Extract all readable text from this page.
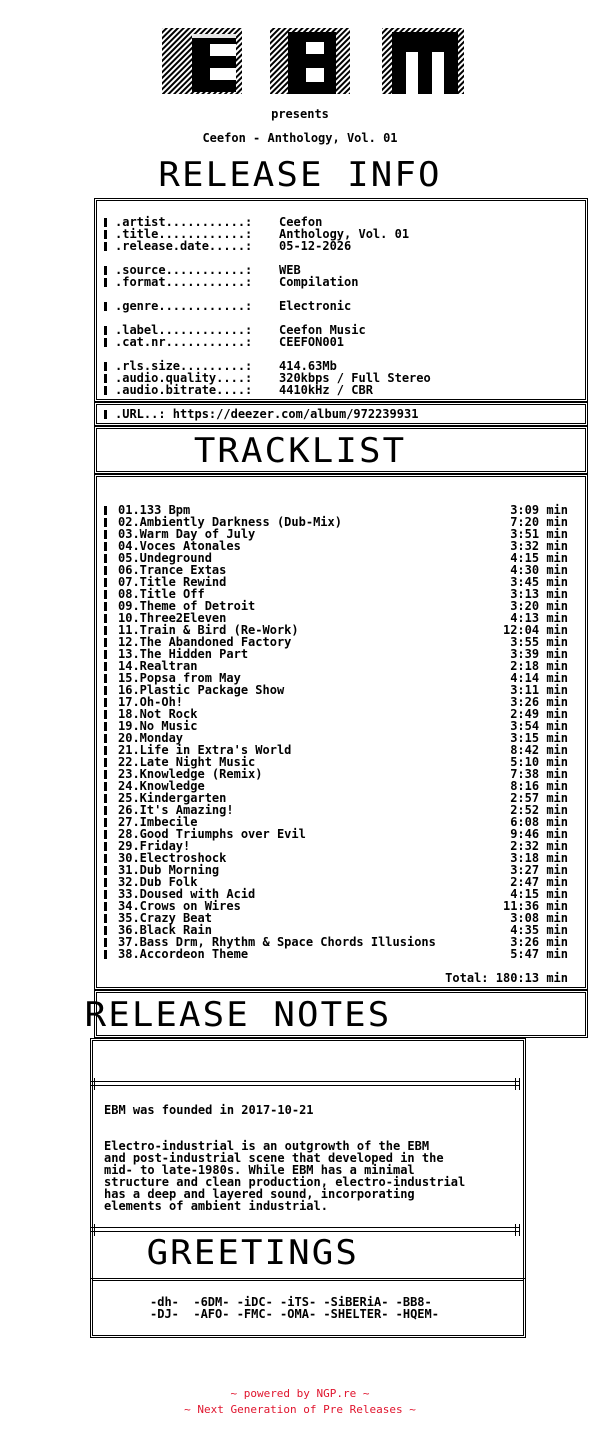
presents
Ceefon - Anthology, Vol. 01
RELEASE INFO
.artist...........: Ceefon
.title............: Anthology, Vol. 01
.release.date.....: 05-12-2026
.source...........: WEB
.format...........: Compilation
.genre............: Electronic
.label............: Ceefon Music
.cat.nr...........: CEEFON001
.rls.size.........: 414.63Mb
.audio.quality....: 320kbps / Full Stereo
.audio.bitrate....: 4410kHz / CBR
.URL..: https://deezer.com/album/972239931
TRACKLIST
01.133 Bpm	3:09 min
02.Ambiently Darkness (Dub-Mix)	7:20 min
03.Warm Day of July	3:51 min
04.Voces Atonales	3:32 min
05.Undeground	4:15 min
06.Trance Extas	4:30 min
07.Title Rewind	3:45 min
08.Title Off	3:13 min
09.Theme of Detroit	3:20 min
10.Three2Eleven	4:13 min
11.Train & Bird (Re-Work)	12:04 min
12.The Abandoned Factory	3:55 min
13.The Hidden Part	3:39 min
14.Realtran	2:18 min
15.Popsa from May	4:14 min
16.Plastic Package Show	3:11 min
17.Oh-Oh!	3:26 min
18.Not Rock	2:49 min
19.No Music	3:54 min
20.Monday	3:15 min
21.Life in Extra's World	8:42 min
22.Late Night Music	5:10 min
23.Knowledge (Remix)	7:38 min
24.Knowledge	8:16 min
25.Kindergarten	2:57 min
26.It's Amazing!	2:52 min
27.Imbecile	6:08 min
28.Good Triumphs over Evil	9:46 min
29.Friday!	2:32 min
30.Electroshock	3:18 min
31.Dub Morning	3:27 min
32.Dub Folk	2:47 min
33.Doused with Acid	4:15 min
34.Crows on Wires	11:36 min
35.Crazy Beat	3:08 min
36.Black Rain	4:35 min
37.Bass Drm, Rhythm & Space Chords Illusions	3:26 min
38.Accordeon Theme	5:47 min
Total: 180:13 min
RELEASE NOTES
EBM was founded in 2017-10-21
Electro-industrial is an outgrowth of the EBM
and post-industrial scene that developed in the
mid- to late-1980s. While EBM has a minimal
structure and clean production, electro-industrial
has a deep and layered sound, incorporating
elements of ambient industrial.
GREETINGS
-dh-  -6DM- -iDC- -iTS- -SiBERiA- -BB8-
-DJ-  -AFO- -FMC- -OMA- -SHELTER- -HQEM-
~ powered by NGP.re ~
~ Next Generation of Pre Releases ~
